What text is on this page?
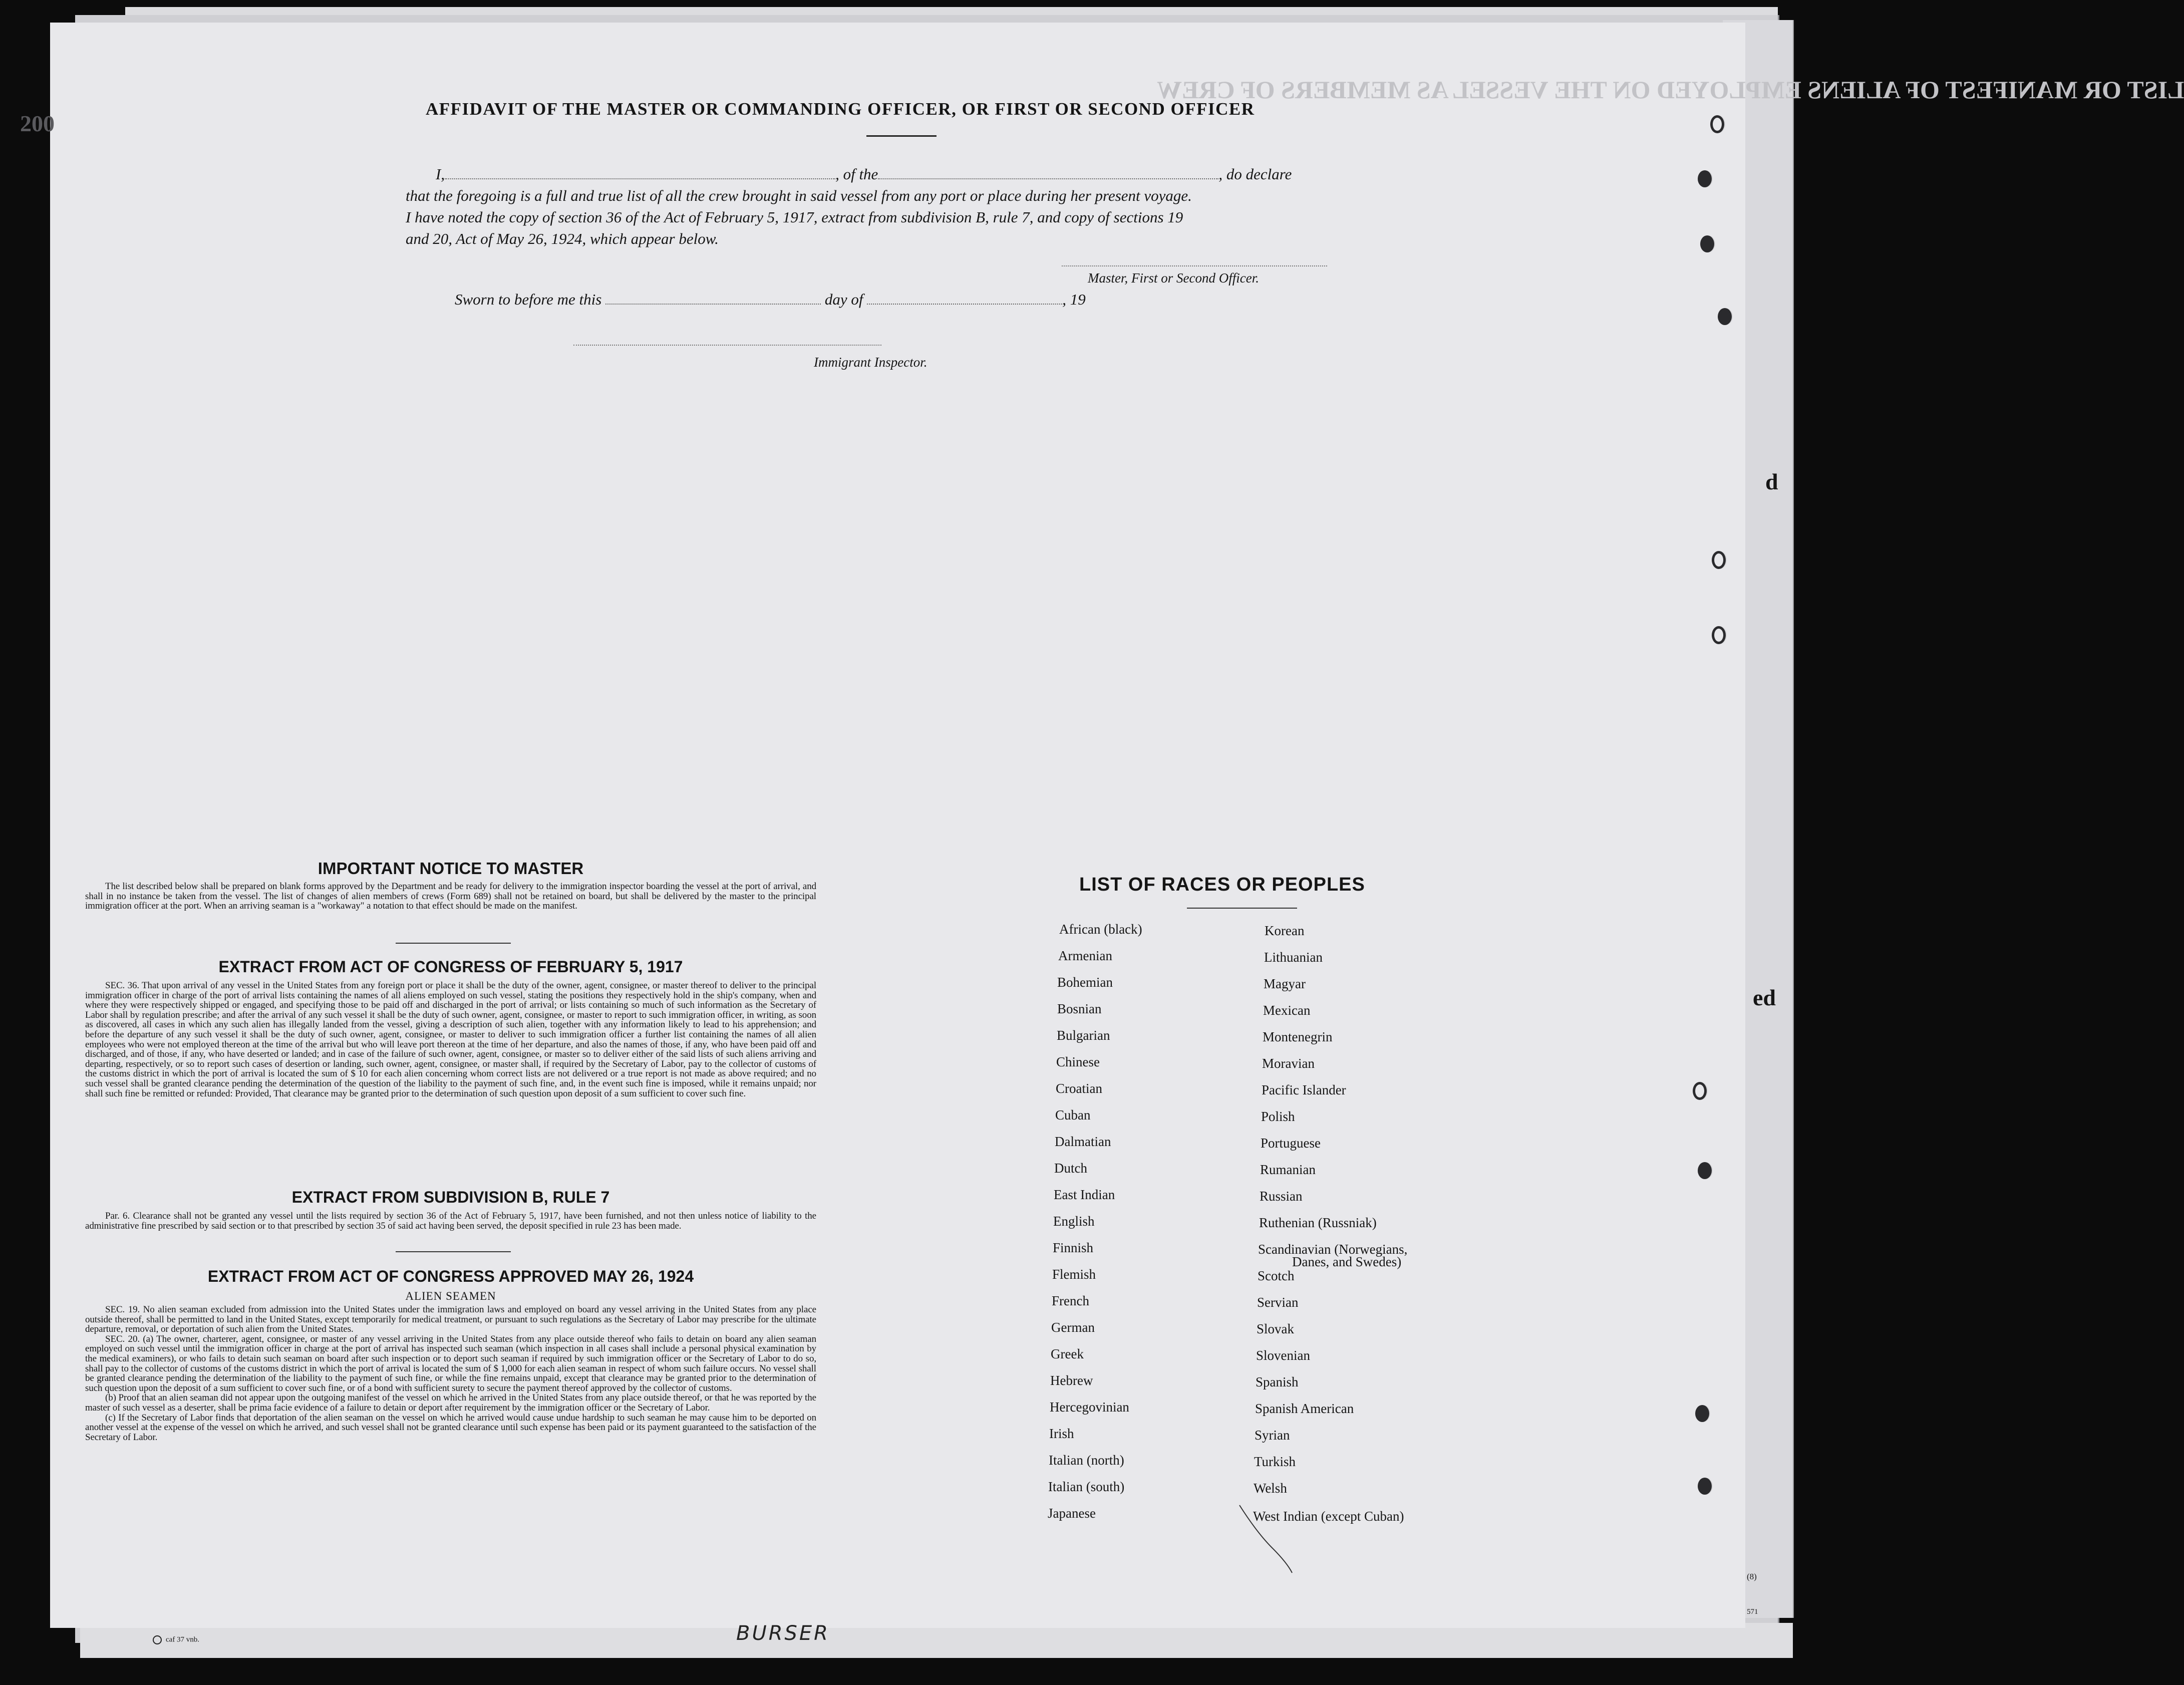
LIST OR MANIFEST OF ALIENS EMPLOYED ON THE VESSEL AS MEMBERS OF CREW
200
d
ed
AFFIDAVIT OF THE MASTER OR COMMANDING OFFICER, OR FIRST OR SECOND OFFICER
I,	, of the	, do declare
that the foregoing is a full and true list of all the crew brought in said vessel from any port or place during her present voyage.
I have noted the copy of section 36 of the Act of February 5, 1917, extract from subdivision B, rule 7, and copy of sections 19
and 20, Act of May 26, 1924, which appear below.
Master, First or Second Officer.
Sworn to before me this	day of	, 19
Immigrant Inspector.
IMPORTANT NOTICE TO MASTER

The list described below shall be prepared on blank forms approved by the Department and be ready for delivery to the immigration inspector boarding the vessel at the port of arrival, and shall in no instance be taken from the vessel. The list of changes of alien members of crews (Form 689) shall not be retained on board, but shall be delivered by the master to the principal immigration officer at the port. When an arriving seaman is a "workaway" a notation to that effect should be made on the manifest.

EXTRACT FROM ACT OF CONGRESS OF FEBRUARY 5, 1917

SEC. 36. That upon arrival of any vessel in the United States from any foreign port or place it shall be the duty of the owner, agent, consignee, or master thereof to deliver to the principal immigration officer in charge of the port of arrival lists containing the names of all aliens employed on such vessel, stating the positions they respectively hold in the ship's company, when and where they were respectively shipped or engaged, and specifying those to be paid off and discharged in the port of arrival; or lists containing so much of such information as the Secretary of Labor shall by regulation prescribe; and after the arrival of any such vessel it shall be the duty of such owner, agent, consignee, or master to report to such immigration officer, in writing, as soon as discovered, all cases in which any such alien has illegally landed from the vessel, giving a description of such alien, together with any information likely to lead to his apprehension; and before the departure of any such vessel it shall be the duty of such owner, agent, consignee, or master to deliver to such immigration officer a further list containing the names of all alien employees who were not employed thereon at the time of the arrival but who will leave port thereon at the time of her departure, and also the names of those, if any, who have been paid off and discharged, and of those, if any, who have deserted or landed; and in case of the failure of such owner, agent, consignee, or master so to deliver either of the said lists of such aliens arriving and departing, respectively, or so to report such cases of desertion or landing, such owner, agent, consignee, or master shall, if required by the Secretary of Labor, pay to the collector of customs of the customs district in which the port of arrival is located the sum of $ 10 for each alien concerning whom correct lists are not delivered or a true report is not made as above required; and no such vessel shall be granted clearance pending the determination of the question of the liability to the payment of such fine, and, in the event such fine is imposed, while it remains unpaid; nor shall such fine be remitted or refunded: Provided, That clearance may be granted prior to the determination of such question upon deposit of a sum sufficient to cover such fine.

EXTRACT FROM SUBDIVISION B, RULE 7

Par. 6. Clearance shall not be granted any vessel until the lists required by section 36 of the Act of February 5, 1917, have been furnished, and not then unless notice of liability to the administrative fine prescribed by said section or to that prescribed by section 35 of said act having been served, the deposit specified in rule 23 has been made.

EXTRACT FROM ACT OF CONGRESS APPROVED MAY 26, 1924
ALIEN SEAMEN

SEC. 19. No alien seaman excluded from admission into the United States under the immigration laws and employed on board any vessel arriving in the United States from any place outside thereof, shall be permitted to land in the United States, except temporarily for medical treatment, or pursuant to such regulations as the Secretary of Labor may prescribe for the ultimate departure, removal, or deportation of such alien from the United States.

SEC. 20. (a) The owner, charterer, agent, consignee, or master of any vessel arriving in the United States from any place outside thereof who fails to detain on board any alien seaman employed on such vessel until the immigration officer in charge at the port of arrival has inspected such seaman (which inspection in all cases shall include a personal physical examination by the medical examiners), or who fails to detain such seaman on board after such inspection or to deport such seaman if required by such immigration officer or the Secretary of Labor to do so, shall pay to the collector of customs of the customs district in which the port of arrival is located the sum of $ 1,000 for each alien seaman in respect of whom such failure occurs. No vessel shall be granted clearance pending the determination of the liability to the payment of such fine, or while the fine remains unpaid, except that clearance may be granted prior to the determination of such question upon the deposit of a sum sufficient to cover such fine, or of a bond with sufficient surety to secure the payment thereof approved by the collector of customs.

(b) Proof that an alien seaman did not appear upon the outgoing manifest of the vessel on which he arrived in the United States from any place outside thereof, or that he was reported by the master of such vessel as a deserter, shall be prima facie evidence of a failure to detain or deport after requirement by the immigration officer or the Secretary of Labor.

(c) If the Secretary of Labor finds that deportation of the alien seaman on the vessel on which he arrived would cause undue hardship to such seaman he may cause him to be deported on another vessel at the expense of the vessel on which he arrived, and such vessel shall not be granted clearance until such expense has been paid or its payment guaranteed to the satisfaction of the Secretary of Labor.

LIST OF RACES OR PEOPLES
African (black)
Armenian
Bohemian
Bosnian
Bulgarian
Chinese
Croatian
Cuban
Dalmatian
Dutch
East Indian
English
Finnish
Flemish
French
German
Greek
Hebrew
Hercegovinian
Irish
Italian (north)
Italian (south)
Japanese
Korean
Lithuanian
Magyar
Mexican
Montenegrin
Moravian
Pacific Islander
Polish
Portuguese
Rumanian
Russian
Ruthenian (Russniak)
Scandinavian (Norwegians,
Danes, and Swedes)
Scotch
Servian
Slovak
Slovenian
Spanish
Spanish American
Syrian
Turkish
Welsh
West Indian (except Cuban)
caf 37 vnb.	BURSER
(8)
571
